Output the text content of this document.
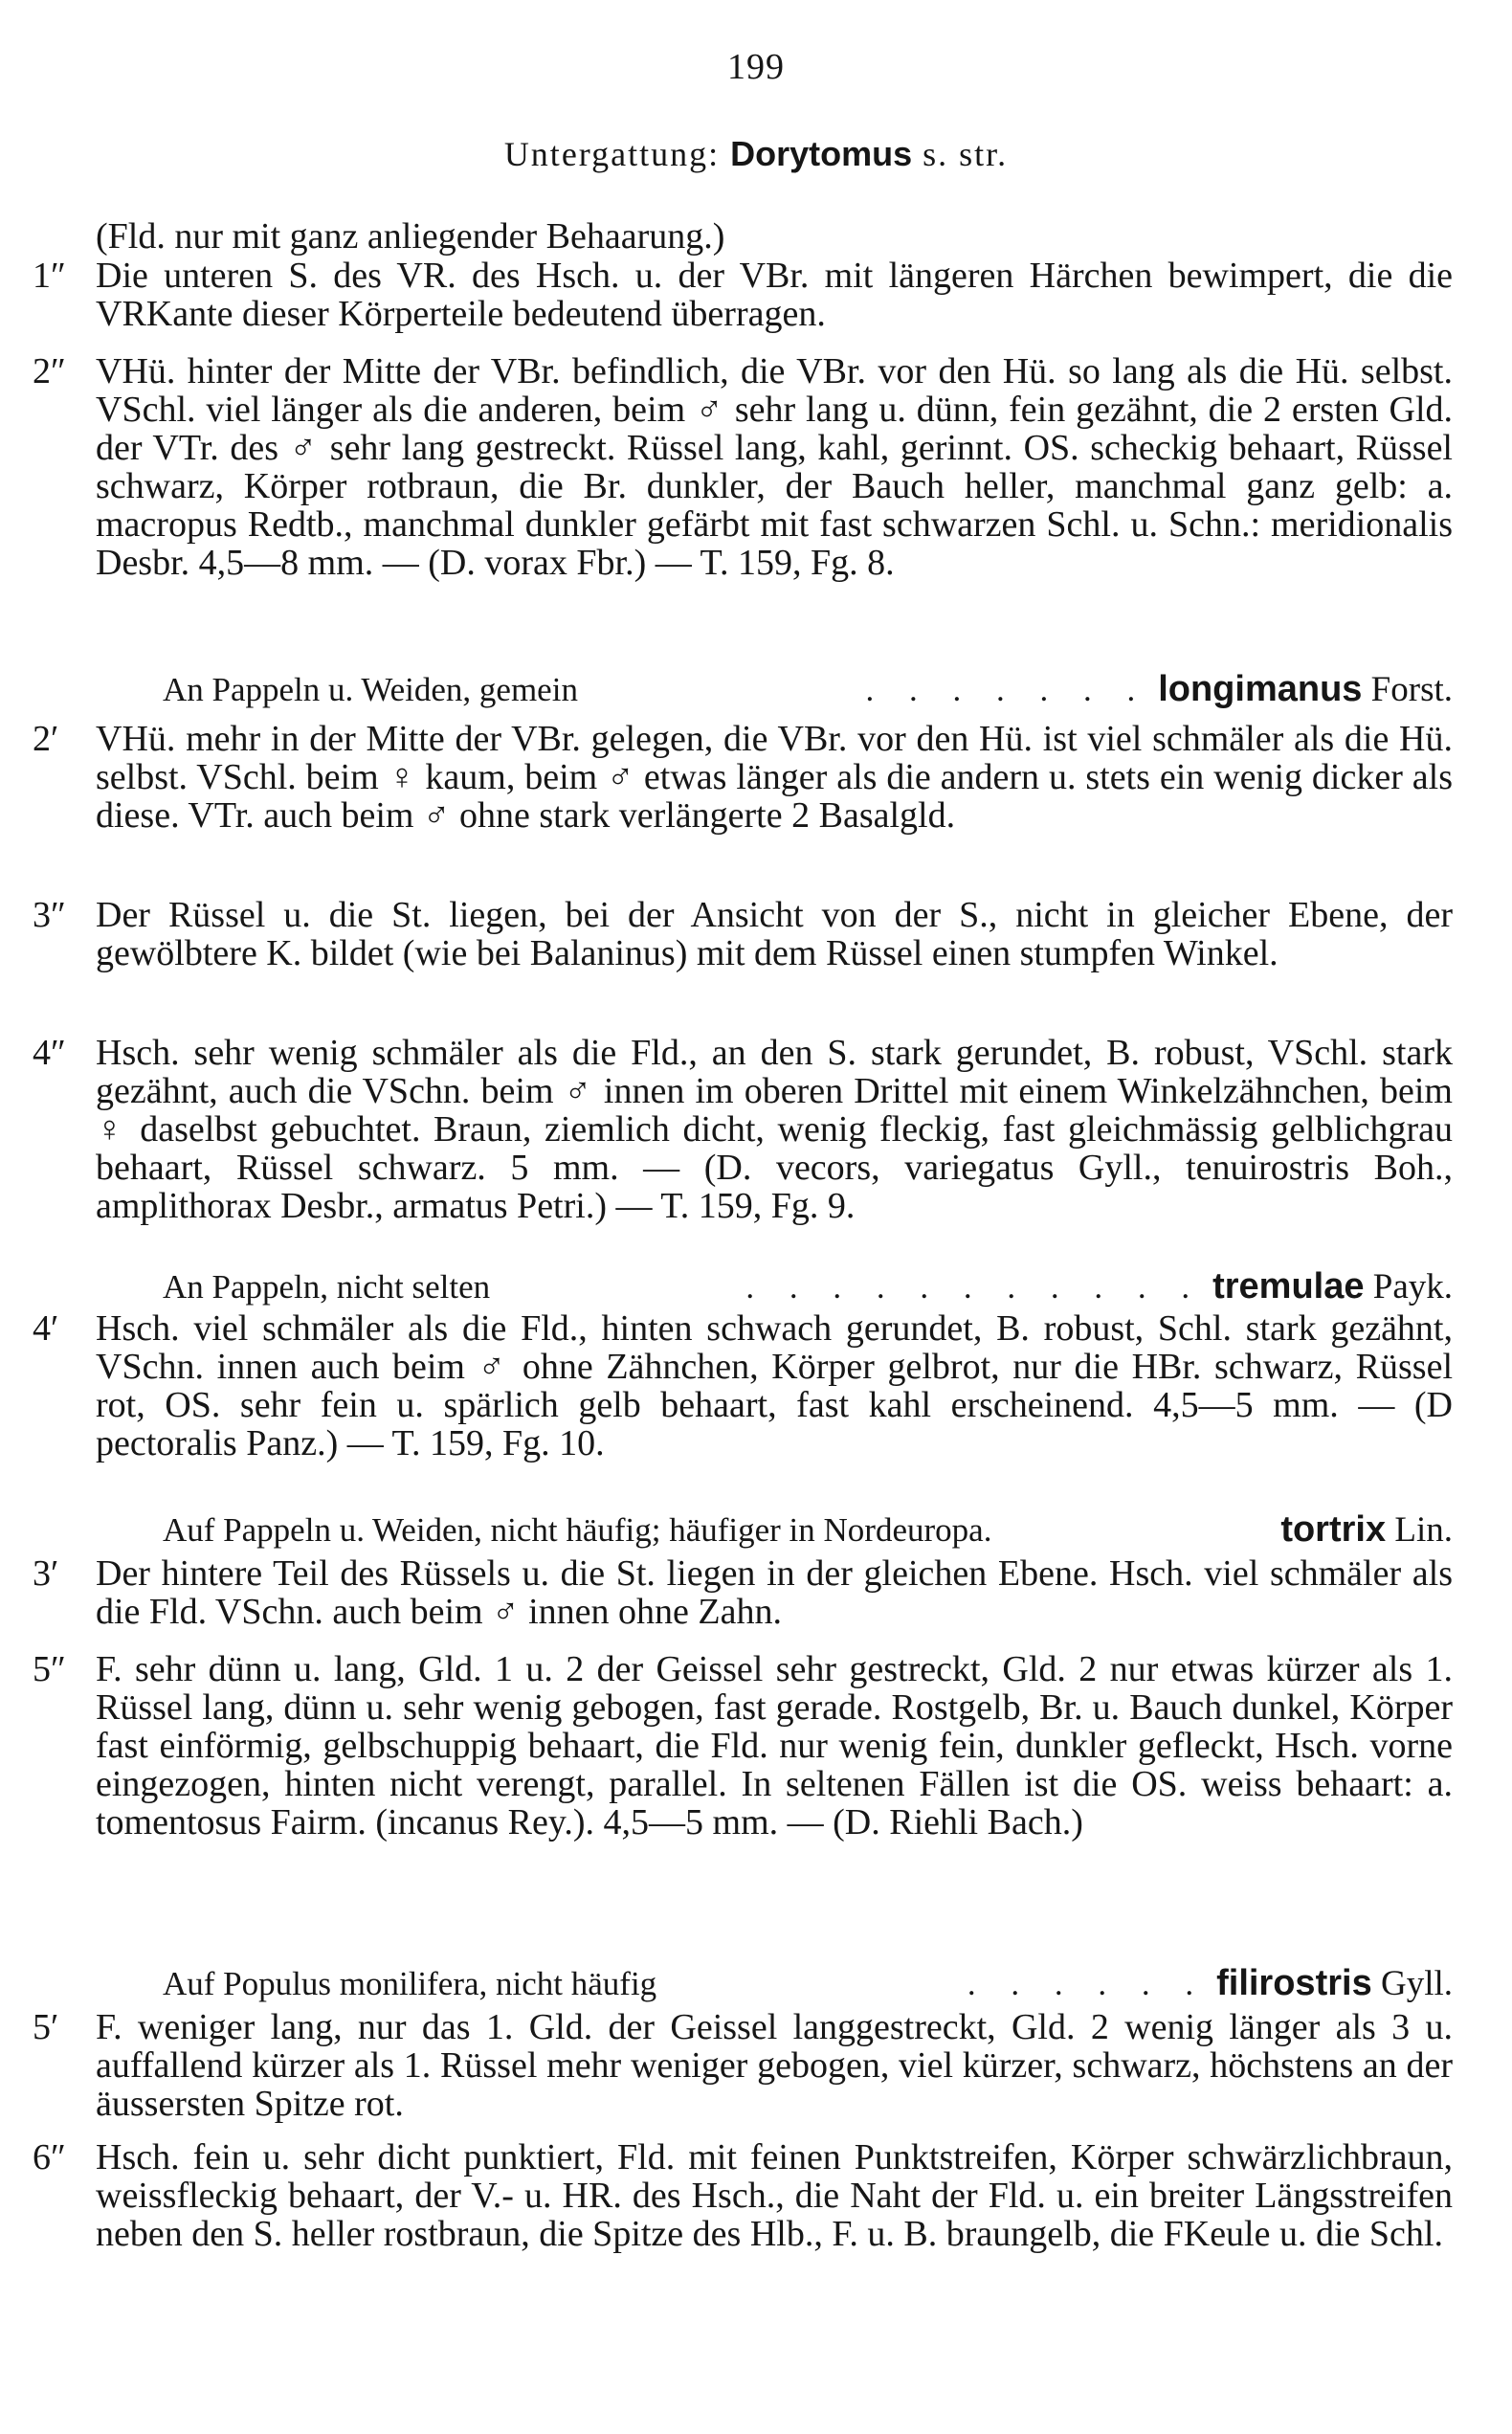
199
Untergattung: Dorytomus s. str.
(Fld. nur mit ganz anliegender Behaarung.)
1″ Die unteren S. des VR. des Hsch. u. der VBr. mit längeren Härchen bewimpert, die die VRKante dieser Körperteile bedeutend überragen.
2″ VHü. hinter der Mitte der VBr. befindlich, die VBr. vor den Hü. so lang als die Hü. selbst. VSchl. viel länger als die anderen, beim ♂ sehr lang u. dünn, fein gezähnt, die 2 ersten Gld. der VTr. des ♂ sehr lang gestreckt. Rüssel lang, kahl, gerinnt. OS. scheckig behaart, Rüssel schwarz, Körper rotbraun, die Br. dunkler, der Bauch heller, manchmal ganz gelb: a. macropus Redtb., manchmal dunkler gefärbt mit fast schwarzen Schl. u. Schn.: meridionalis Desbr. 4,5—8 mm. — (D. vorax Fbr.) — T. 159, Fg. 8.
An Pappeln u. Weiden, gemein	. . . . . . . longimanus Forst.
2′	VHü. mehr in der Mitte der VBr. gelegen, die VBr. vor den Hü. ist viel schmäler als die Hü. selbst. VSchl. beim ♀ kaum, beim ♂ etwas länger als die andern u. stets ein wenig dicker als diese. VTr. auch beim ♂ ohne stark verlängerte 2 Basalgld.
3″ Der Rüssel u. die St. liegen, bei der Ansicht von der S., nicht in gleicher Ebene, der gewölbtere K. bildet (wie bei Balaninus) mit dem Rüssel einen stumpfen Winkel.
4″ Hsch. sehr wenig schmäler als die Fld., an den S. stark gerundet, B. robust, VSchl. stark gezähnt, auch die VSchn. beim ♂ innen im oberen Drittel mit einem Winkelzähnchen, beim ♀ daselbst gebuchtet. Braun, ziemlich dicht, wenig fleckig, fast gleichmässig gelblichgrau behaart, Rüssel schwarz. 5 mm. — (D. vecors, variegatus Gyll., tenuirostris Boh., amplithorax Desbr., armatus Petri.) — T. 159, Fg. 9.
An Pappeln, nicht selten	. . . . . . . . . . . tremulae Payk.
4′	Hsch. viel schmäler als die Fld., hinten schwach gerundet, B. robust, Schl. stark gezähnt, VSchn. innen auch beim ♂ ohne Zähnchen, Körper gelbrot, nur die HBr. schwarz, Rüssel rot, OS. sehr fein u. spärlich gelb behaart, fast kahl erscheinend. 4,5—5 mm. — (D pectoralis Panz.) — T. 159, Fg. 10.
Auf Pappeln u. Weiden, nicht häufig; häufiger in Nordeuropa.	tortrix Lin.
3′	Der hintere Teil des Rüssels u. die St. liegen in der gleichen Ebene. Hsch. viel schmäler als die Fld. VSchn. auch beim ♂ innen ohne Zahn.
5″ F. sehr dünn u. lang, Gld. 1 u. 2 der Geissel sehr gestreckt, Gld. 2 nur etwas kürzer als 1. Rüssel lang, dünn u. sehr wenig gebogen, fast gerade. Rostgelb, Br. u. Bauch dunkel, Körper fast einförmig, gelbschuppig behaart, die Fld. nur wenig fein, dunkler gefleckt, Hsch. vorne eingezogen, hinten nicht verengt, parallel. In seltenen Fällen ist die OS. weiss behaart: a. tomentosus Fairm. (incanus Rey.). 4,5—5 mm. — (D. Riehli Bach.)
Auf Populus monilifera, nicht häufig	. . . . . . filirostris Gyll.
5′	F. weniger lang, nur das 1. Gld. der Geissel langgestreckt, Gld. 2 wenig länger als 3 u. auffallend kürzer als 1. Rüssel mehr weniger gebogen, viel kürzer, schwarz, höchstens an der äussersten Spitze rot.
6″ Hsch. fein u. sehr dicht punktiert, Fld. mit feinen Punktstreifen, Körper schwärzlichbraun, weissfleckig behaart, der V.- u. HR. des Hsch., die Naht der Fld. u. ein breiter Längsstreifen neben den S. heller rostbraun, die Spitze des Hlb., F. u. B. braungelb, die FKeule u. die Schl.
